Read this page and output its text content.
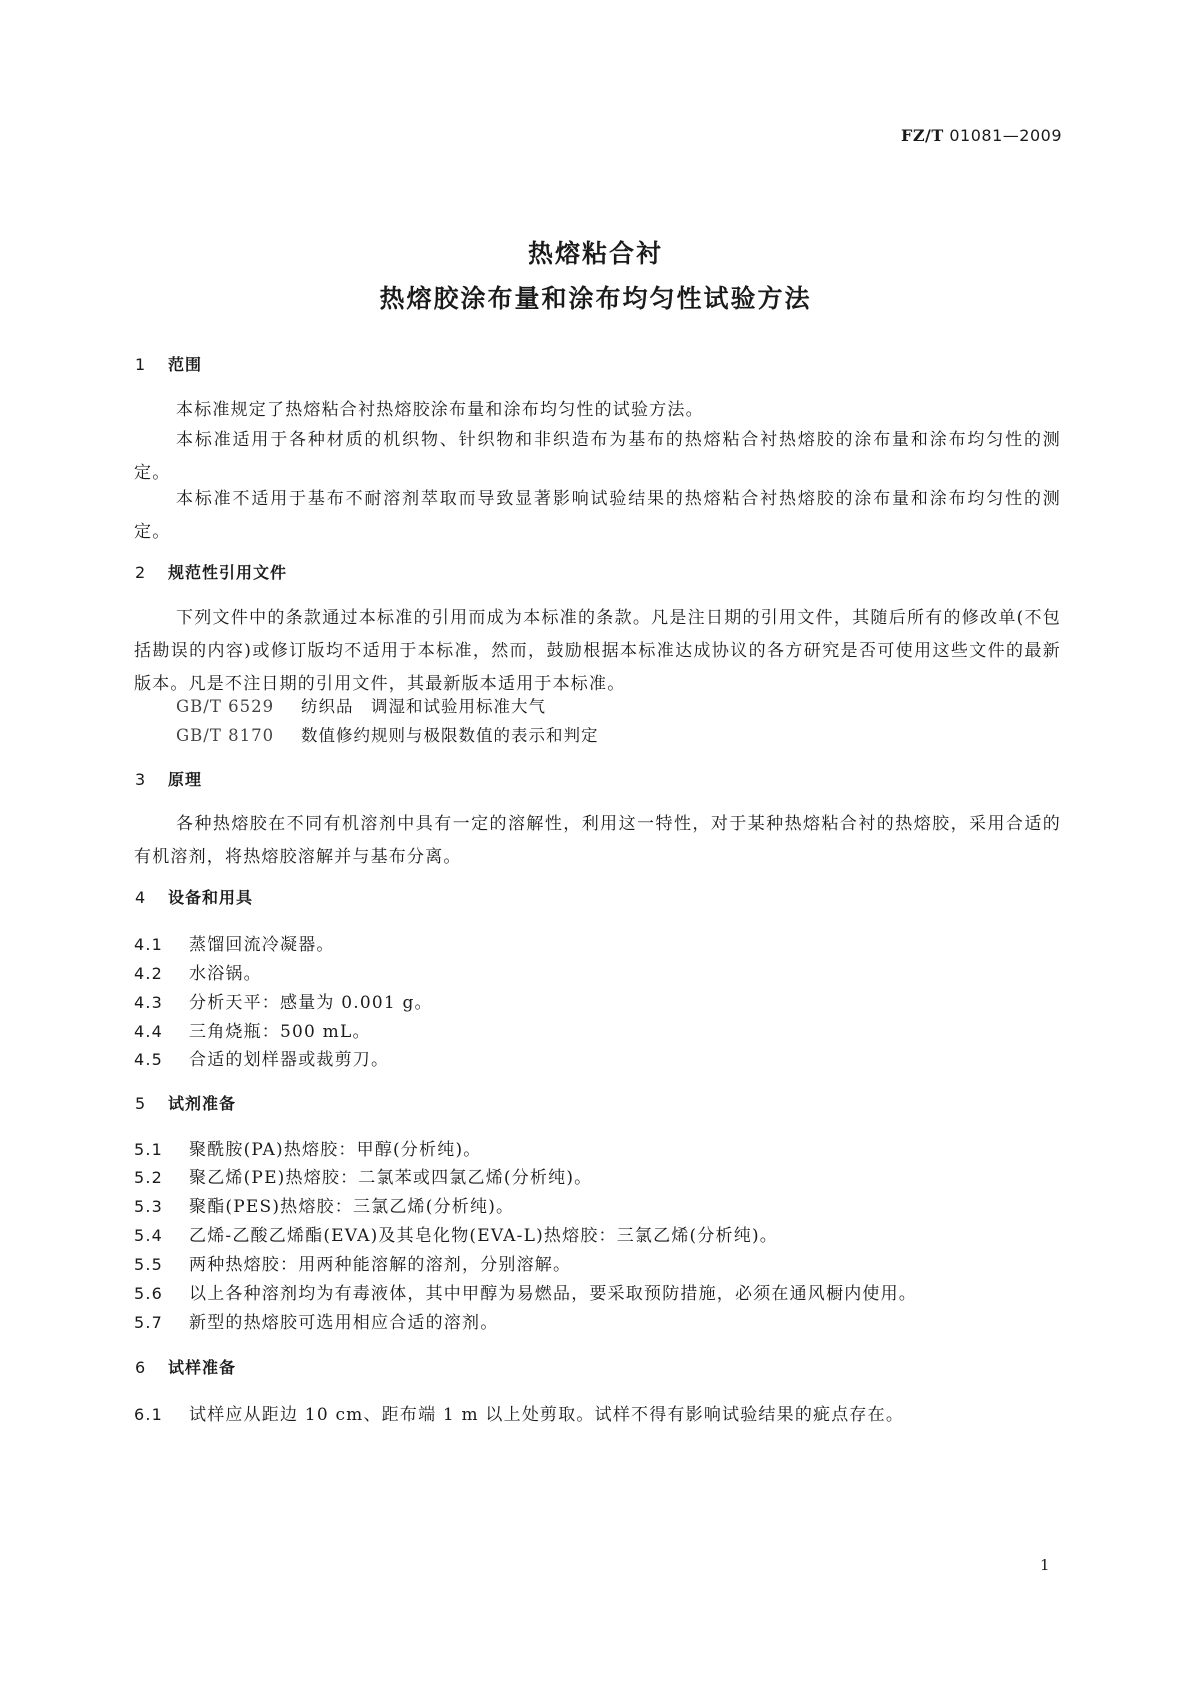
FZ/T 01081—2009
热熔粘合衬
热熔胶涂布量和涂布均匀性试验方法
1 范围

本标准规定了热熔粘合衬热熔胶涂布量和涂布均匀性的试验方法。

本标准适用于各种材质的机织物、针织物和非织造布为基布的热熔粘合衬热熔胶的涂布量和涂布均匀性的测定。

本标准不适用于基布不耐溶剂萃取而导致显著影响试验结果的热熔粘合衬热熔胶的涂布量和涂布均匀性的测定。

2 规范性引用文件

下列文件中的条款通过本标准的引用而成为本标准的条款。凡是注日期的引用文件，其随后所有的修改单(不包括勘误的内容)或修订版均不适用于本标准，然而，鼓励根据本标准达成协议的各方研究是否可使用这些文件的最新版本。凡是不注日期的引用文件，其最新版本适用于本标准。

GB/T 6529 纺织品　调湿和试验用标准大气
GB/T 8170 数值修约规则与极限数值的表示和判定
3 原理

各种热熔胶在不同有机溶剂中具有一定的溶解性，利用这一特性，对于某种热熔粘合衬的热熔胶，采用合适的有机溶剂，将热熔胶溶解并与基布分离。

4 设备和用具
4.1 蒸馏回流冷凝器。
4.2 水浴锅。
4.3 分析天平：感量为 0.001 g。
4.4 三角烧瓶：500 mL。
4.5 合适的划样器或裁剪刀。
5 试剂准备
5.1 聚酰胺(PA)热熔胶：甲醇(分析纯)。
5.2 聚乙烯(PE)热熔胶：二氯苯或四氯乙烯(分析纯)。
5.3 聚酯(PES)热熔胶：三氯乙烯(分析纯)。
5.4 乙烯-乙酸乙烯酯(EVA)及其皂化物(EVA-L)热熔胶：三氯乙烯(分析纯)。
5.5 两种热熔胶：用两种能溶解的溶剂，分别溶解。
5.6 以上各种溶剂均为有毒液体，其中甲醇为易燃品，要采取预防措施，必须在通风橱内使用。
5.7 新型的热熔胶可选用相应合适的溶剂。
6 试样准备
6.1 试样应从距边 10 cm、距布端 1 m 以上处剪取。试样不得有影响试验结果的疵点存在。
1
